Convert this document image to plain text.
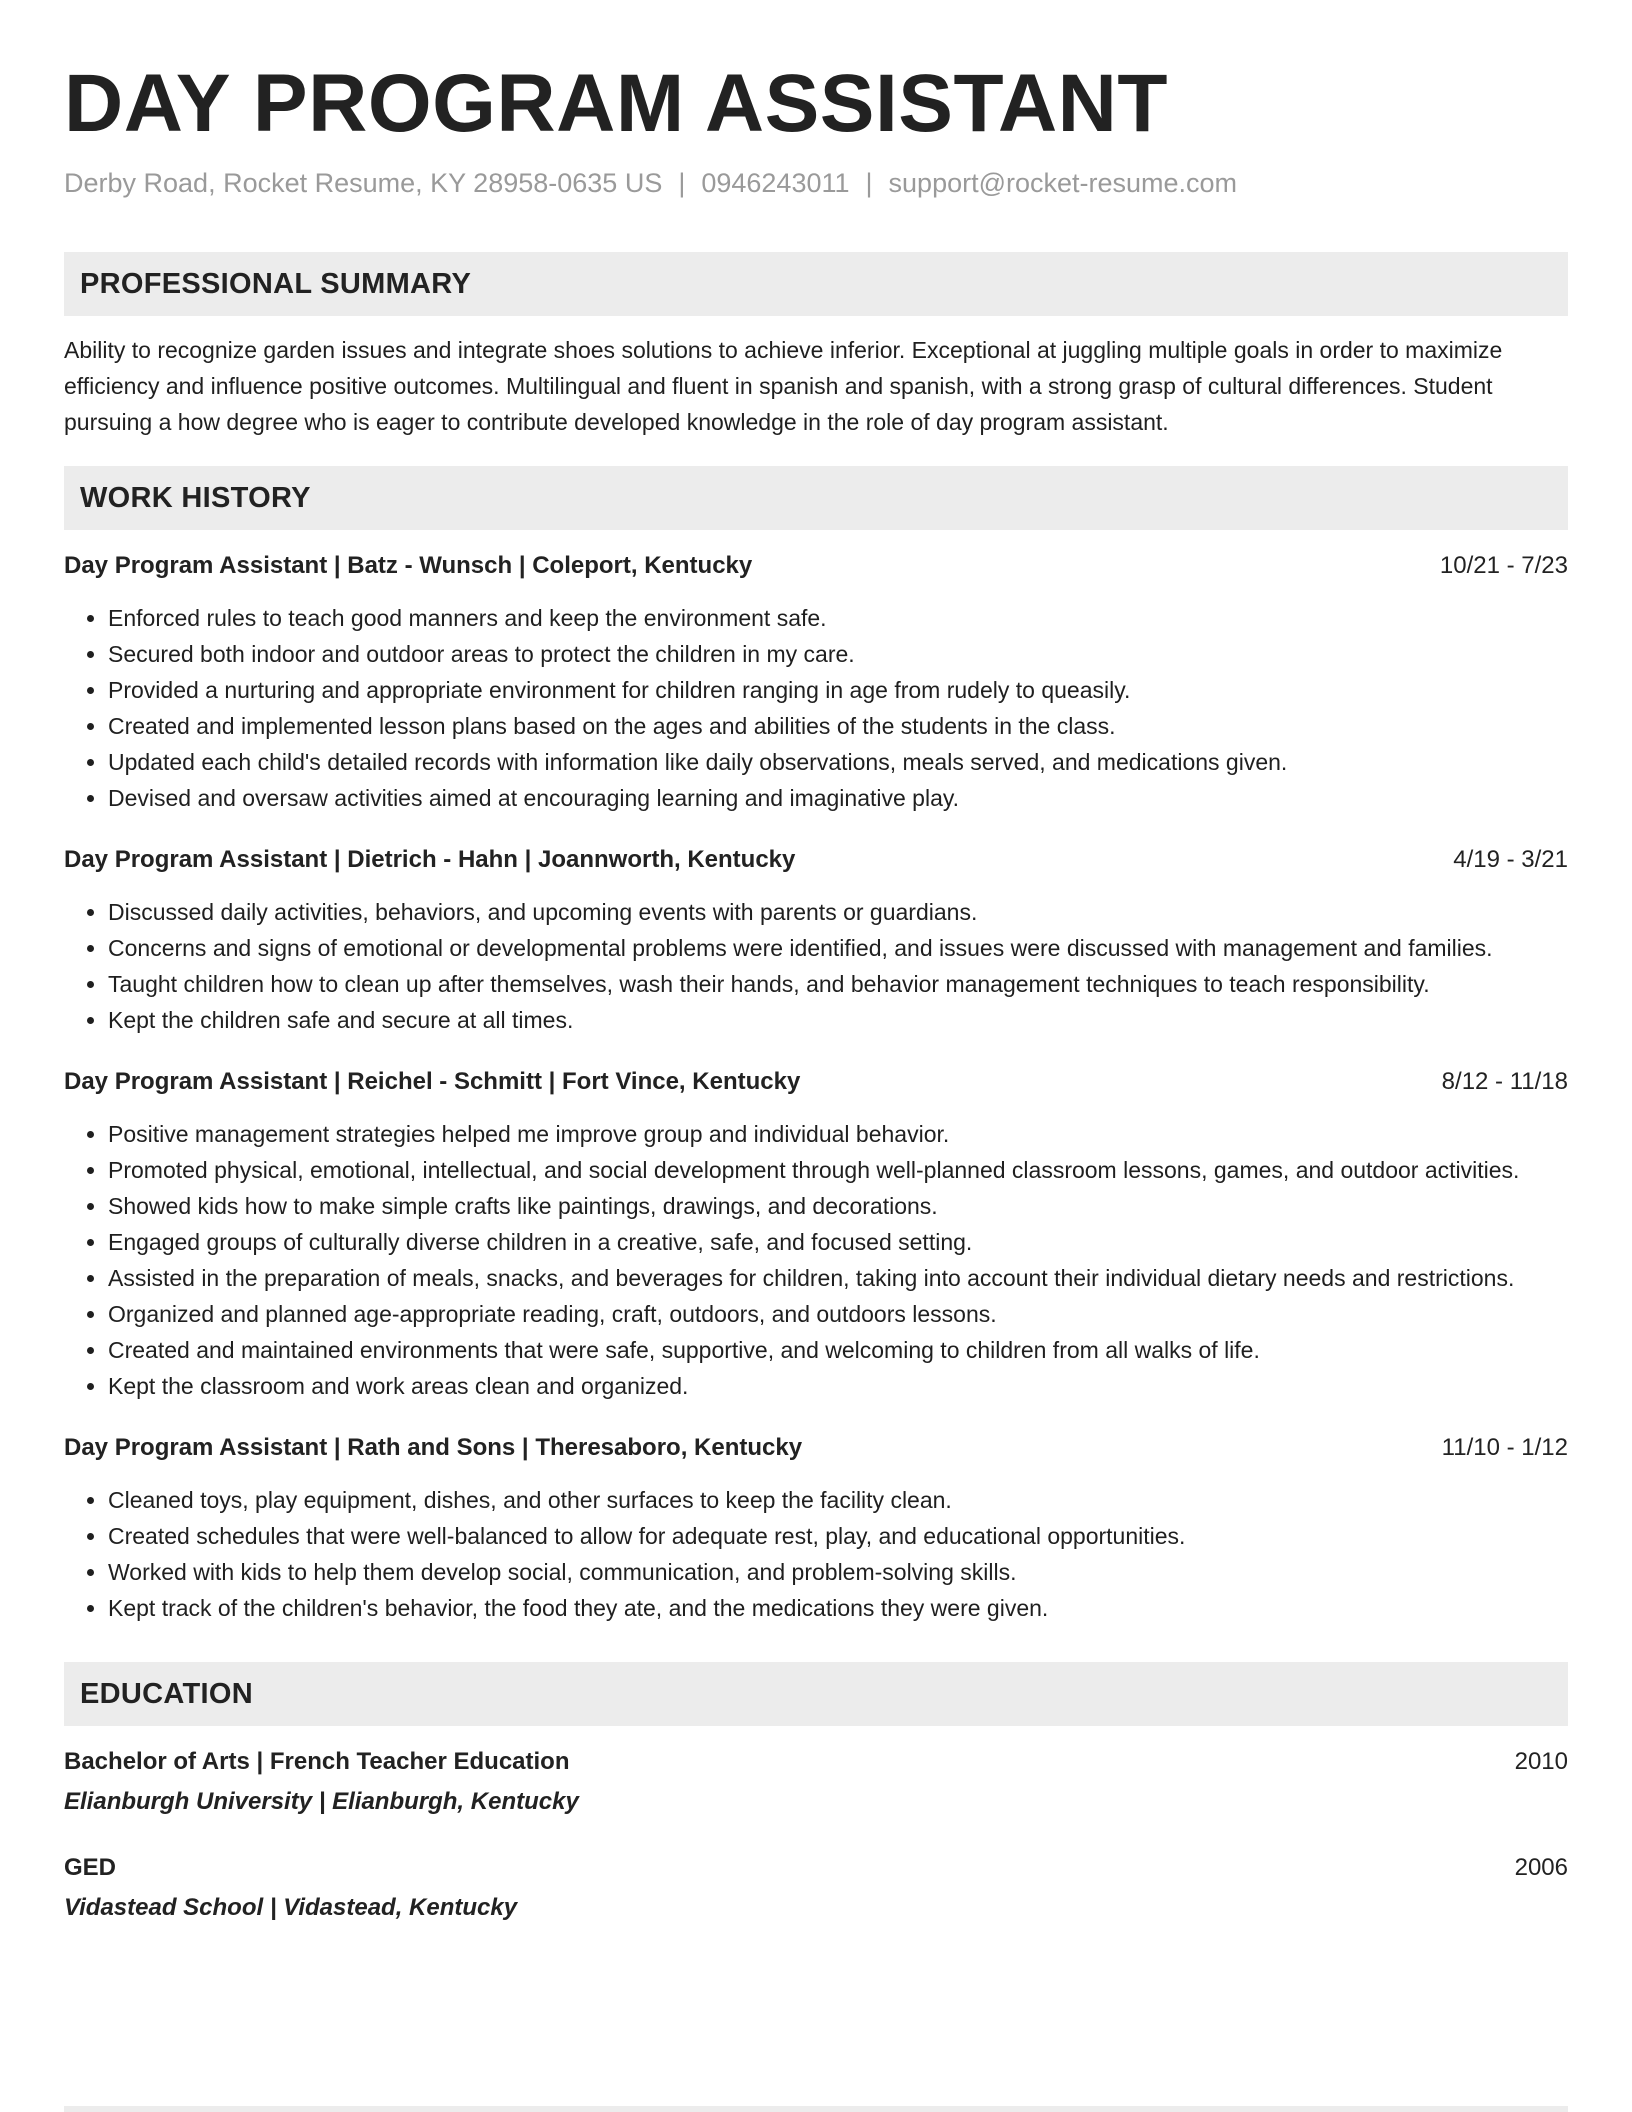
DAY PROGRAM ASSISTANT
Derby Road, Rocket Resume, KY 28958-0635 US | 0946243011 | support@rocket-resume.com
PROFESSIONAL SUMMARY
Ability to recognize garden issues and integrate shoes solutions to achieve inferior. Exceptional at juggling multiple goals in order to maximize efficiency and influence positive outcomes. Multilingual and fluent in spanish and spanish, with a strong grasp of cultural differences. Student pursuing a how degree who is eager to contribute developed knowledge in the role of day program assistant.
WORK HISTORY
Day Program Assistant | Batz - Wunsch | Coleport, Kentucky	10/21 - 7/23
• Enforced rules to teach good manners and keep the environment safe.
• Secured both indoor and outdoor areas to protect the children in my care.
• Provided a nurturing and appropriate environment for children ranging in age from rudely to queasily.
• Created and implemented lesson plans based on the ages and abilities of the students in the class.
• Updated each child's detailed records with information like daily observations, meals served, and medications given.
• Devised and oversaw activities aimed at encouraging learning and imaginative play.
Day Program Assistant | Dietrich - Hahn | Joannworth, Kentucky	4/19 - 3/21
• Discussed daily activities, behaviors, and upcoming events with parents or guardians.
• Concerns and signs of emotional or developmental problems were identified, and issues were discussed with management and families.
• Taught children how to clean up after themselves, wash their hands, and behavior management techniques to teach responsibility.
• Kept the children safe and secure at all times.
Day Program Assistant | Reichel - Schmitt | Fort Vince, Kentucky	8/12 - 11/18
• Positive management strategies helped me improve group and individual behavior.
• Promoted physical, emotional, intellectual, and social development through well-planned classroom lessons, games, and outdoor activities.
• Showed kids how to make simple crafts like paintings, drawings, and decorations.
• Engaged groups of culturally diverse children in a creative, safe, and focused setting.
• Assisted in the preparation of meals, snacks, and beverages for children, taking into account their individual dietary needs and restrictions.
• Organized and planned age-appropriate reading, craft, outdoors, and outdoors lessons.
• Created and maintained environments that were safe, supportive, and welcoming to children from all walks of life.
• Kept the classroom and work areas clean and organized.
Day Program Assistant | Rath and Sons | Theresaboro, Kentucky	11/10 - 1/12
• Cleaned toys, play equipment, dishes, and other surfaces to keep the facility clean.
• Created schedules that were well-balanced to allow for adequate rest, play, and educational opportunities.
• Worked with kids to help them develop social, communication, and problem-solving skills.
• Kept track of the children's behavior, the food they ate, and the medications they were given.
EDUCATION
Bachelor of Arts | French Teacher Education	2010
Elianburgh University | Elianburgh, Kentucky
GED	2006
Vidastead School | Vidastead, Kentucky
